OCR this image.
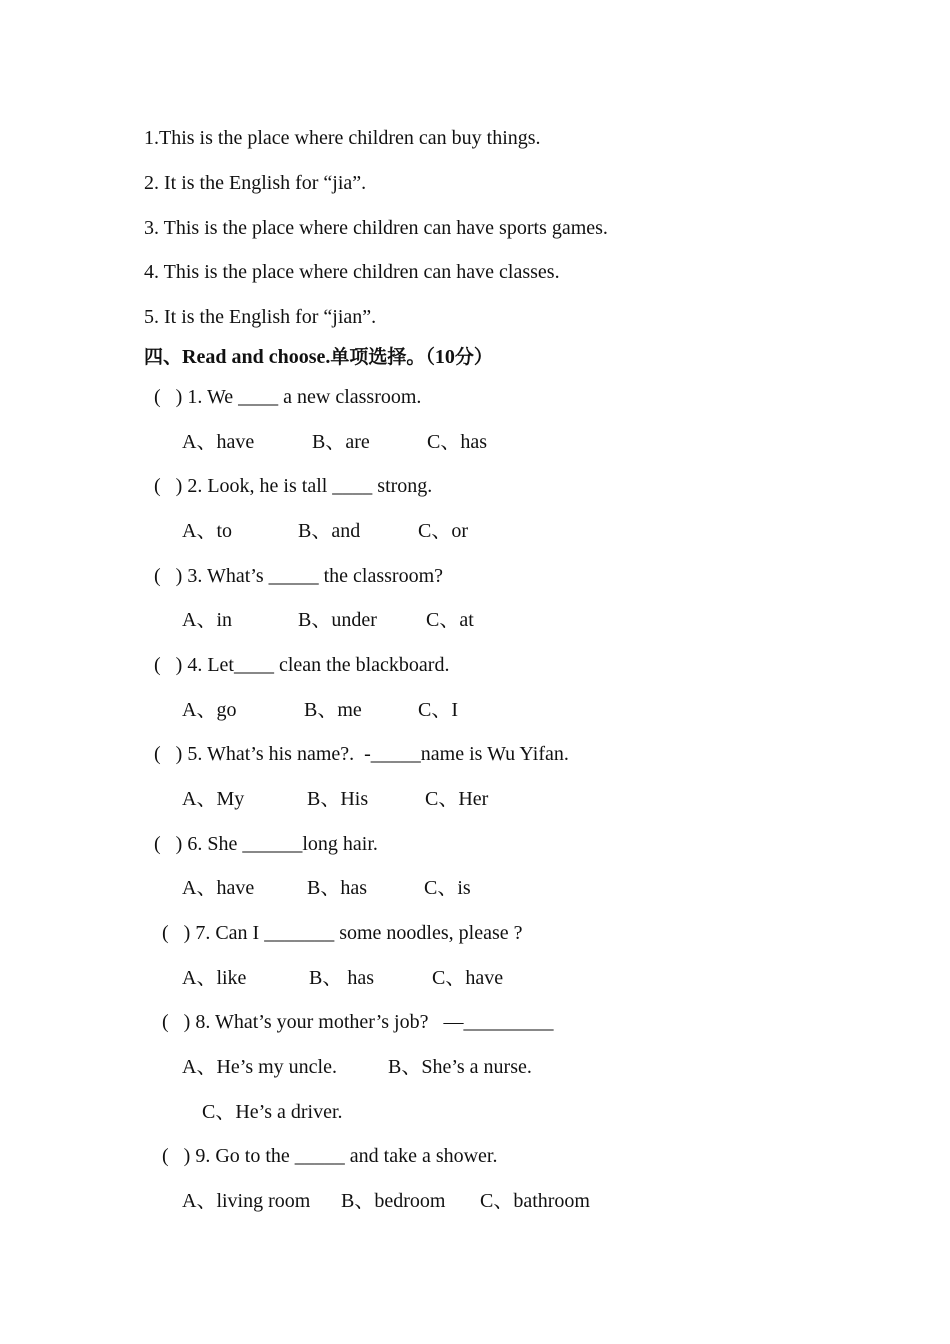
1.This is the place where children can buy things.
2. It is the English for “jia”.
3. This is the place where children can have sports games.
4. This is the place where children can have classes.
5. It is the English for “jian”.
四、Read and choose.单项选择。（10分）
(   ) 1. We ____ a new classroom.
A、have	B、are	C、has
(   ) 2. Look, he is tall ____ strong.
A、to	B、and	C、or
(   ) 3. What’s _____ the classroom?
A、in	B、under C、at
(   ) 4. Let____ clean the blackboard.
A、go	B、me	C、I
(   ) 5. What’s his name?.  -_____name is Wu Yifan.
A、My	B、His	C、Her
(   ) 6. She ______long hair.
A、have	B、has	C、is
(   ) 7. Can I _______ some noodles, please ?
A、like	B、 has	C、have
(   ) 8. What’s your mother’s job?   —_________
A、He’s my uncle.	B、She’s a nurse.
C、He’s a driver.
(   ) 9. Go to the _____ and take a shower.
A、living room B、bedroom C、bathroom
